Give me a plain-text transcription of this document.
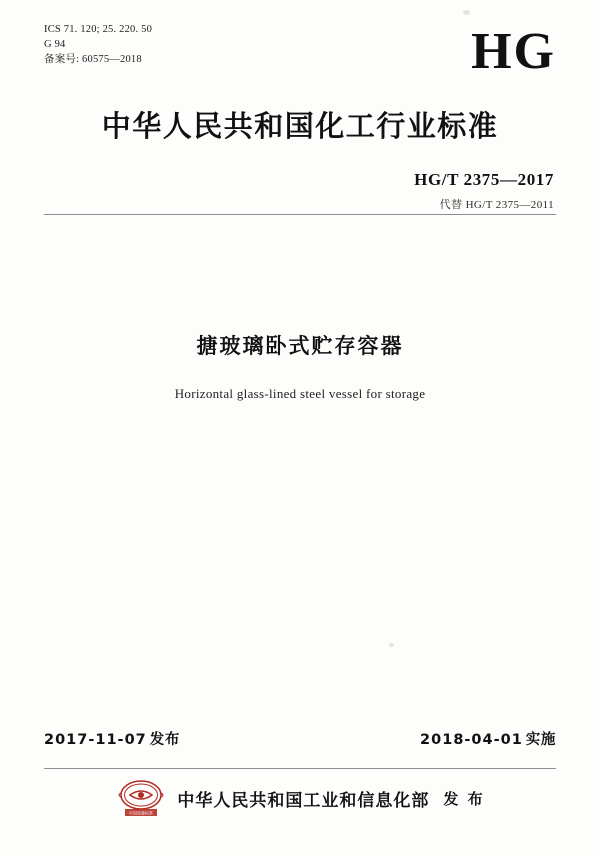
ICS 71. 120; 25. 220. 50
G 94
备案号: 60575—2018	HG
中华人民共和国化工行业标准
HG/T 2375—2017
代替 HG/T 2375—2011
搪玻璃卧式贮存容器
Horizontal glass-lined steel vessel for storage
2017-11-07 发布	2018-04-01 实施
中国质量标准
中华人民共和国工业和信息化部 发 布
